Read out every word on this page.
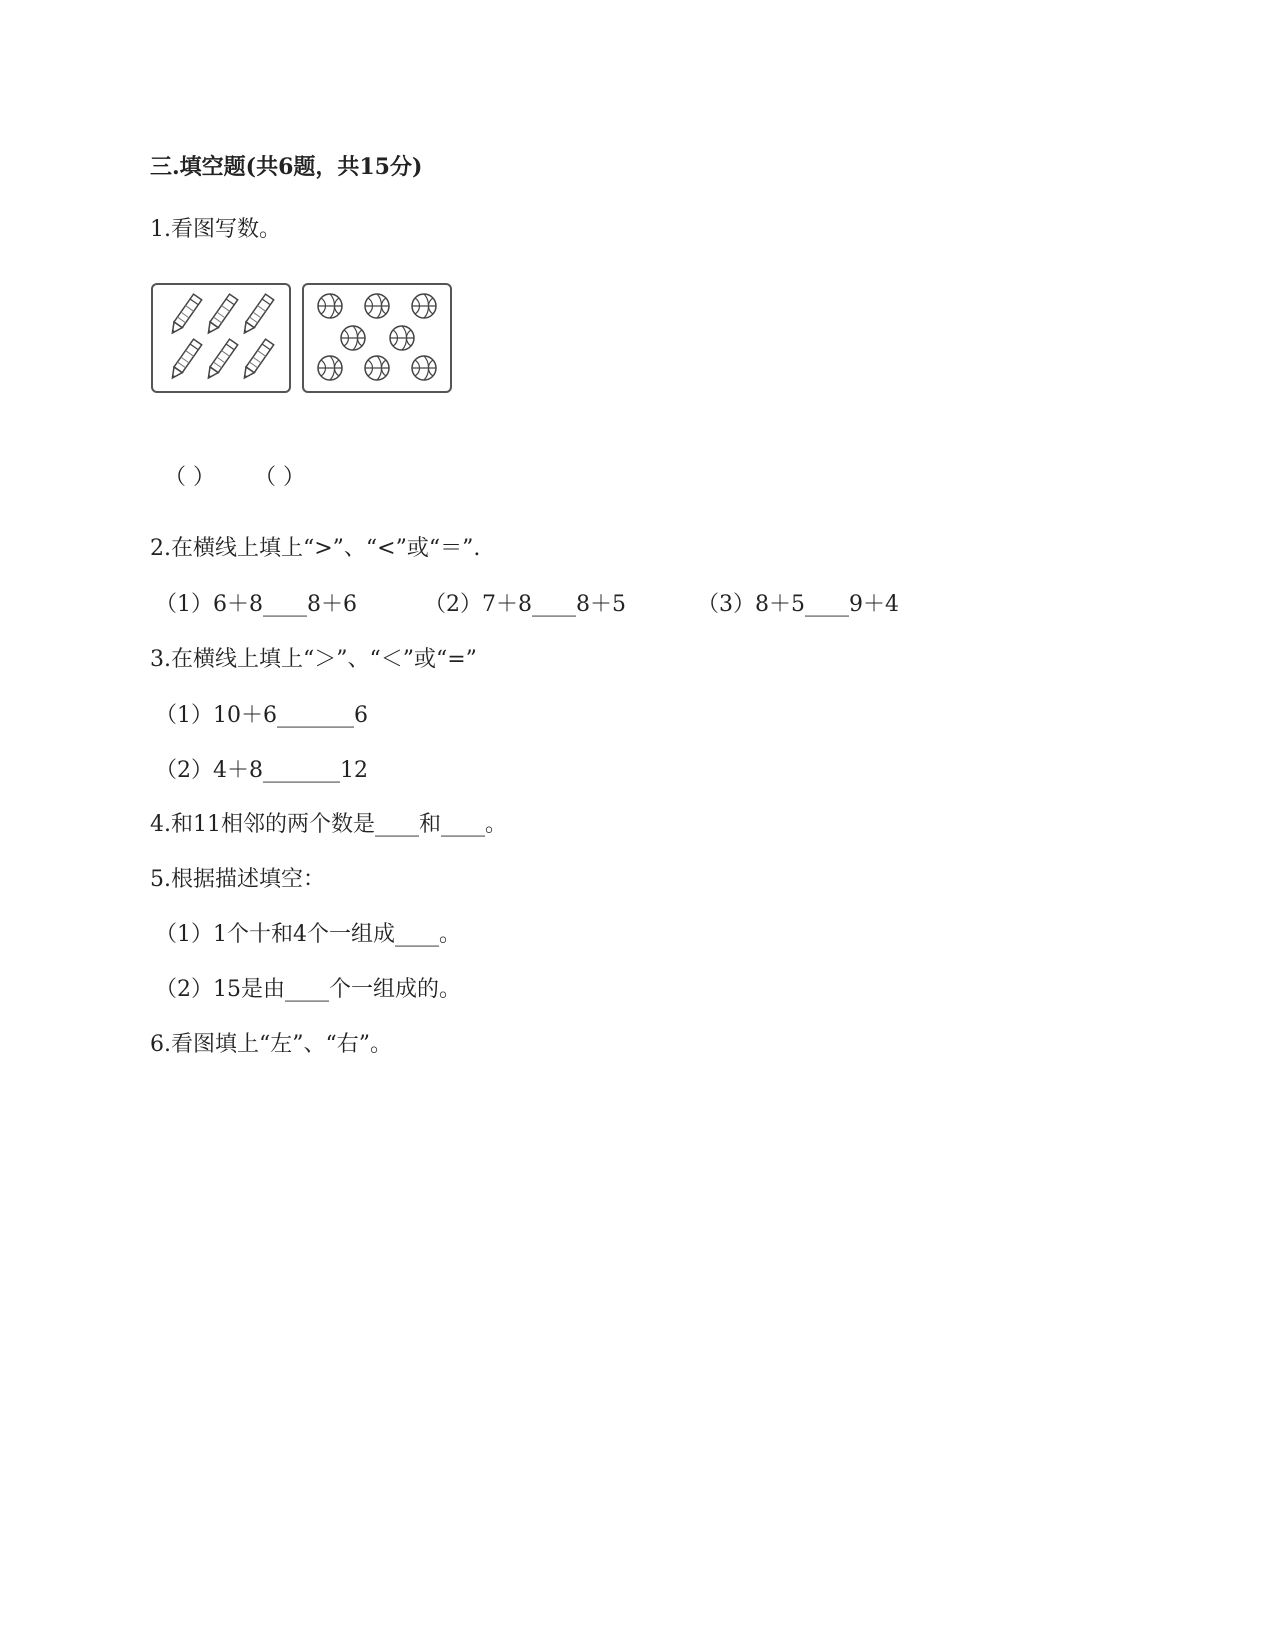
三.填空题(共6题，共15分)
1.看图写数。
（ ） （ ）
2.在横线上填上“>”、“<”或“＝”.
（1）6＋8____8＋6	（2）7＋8____8＋5	（3）8＋5____9＋4
3.在横线上填上“＞”、“＜”或“=”
（1）10＋6_______6
（2）4＋8_______12
4.和11相邻的两个数是____和____。
5.根据描述填空：
（1）1个十和4个一组成____。
（2）15是由____个一组成的。
6.看图填上“左”、“右”。
